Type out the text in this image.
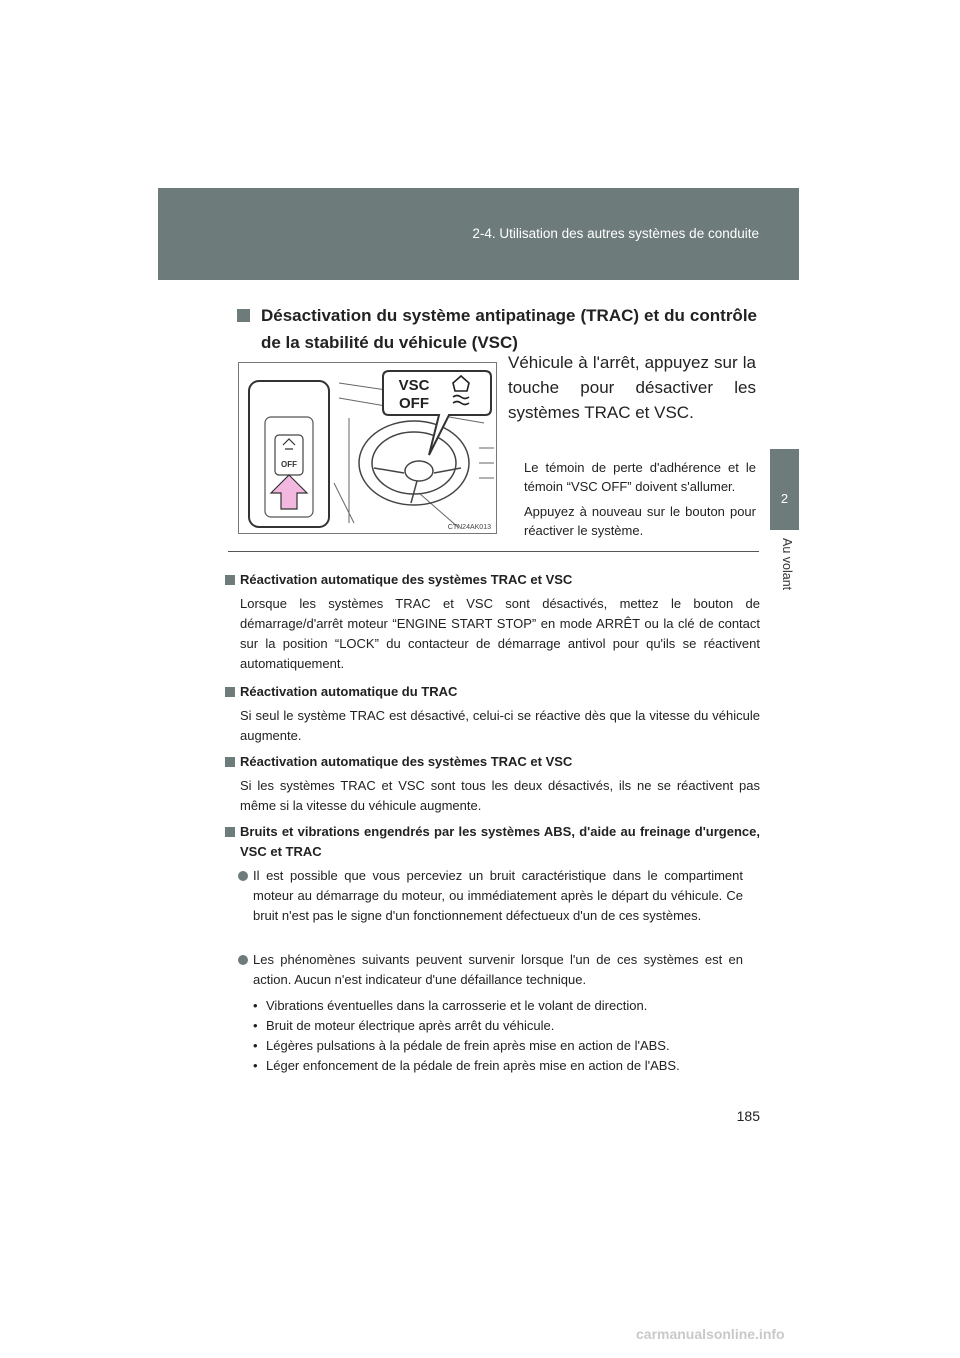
2-4. Utilisation des autres systèmes de conduite
2
Au volant
Désactivation du système antipatinage (TRAC) et du contrôle de la stabilité du véhicule (VSC)
OFF
VSC
OFF
CTN24AK013
Véhicule à l'arrêt, appuyez sur la touche pour désactiver les systèmes TRAC et VSC.
Le témoin de perte d'adhérence et le témoin “VSC OFF” doivent s'allumer.
Appuyez à nouveau sur le bouton pour réactiver le système.
Réactivation automatique des systèmes TRAC et VSC
Lorsque les systèmes TRAC et VSC sont désactivés, mettez le bouton de démarrage/d'arrêt moteur “ENGINE START STOP” en mode ARRÊT ou la clé de contact sur la position “LOCK” du contacteur de démarrage antivol pour qu'ils se réactivent automatiquement.
Réactivation automatique du TRAC
Si seul le système TRAC est désactivé, celui-ci se réactive dès que la vitesse du véhicule augmente.
Réactivation automatique des systèmes TRAC et VSC
Si les systèmes TRAC et VSC sont tous les deux désactivés, ils ne se réactivent pas même si la vitesse du véhicule augmente.
Bruits et vibrations engendrés par les systèmes ABS, d'aide au freinage d'urgence, VSC et TRAC
Il est possible que vous perceviez un bruit caractéristique dans le compartiment moteur au démarrage du moteur, ou immédiatement après le départ du véhicule. Ce bruit n'est pas le signe d'un fonctionnement défectueux d'un de ces systèmes.
Les phénomènes suivants peuvent survenir lorsque l'un de ces systèmes est en action. Aucun n'est indicateur d'une défaillance technique.
• Vibrations éventuelles dans la carrosserie et le volant de direction.
• Bruit de moteur électrique après arrêt du véhicule.
• Légères pulsations à la pédale de frein après mise en action de l'ABS.
• Léger enfoncement de la pédale de frein après mise en action de l'ABS.
185
carmanualsonline.info
